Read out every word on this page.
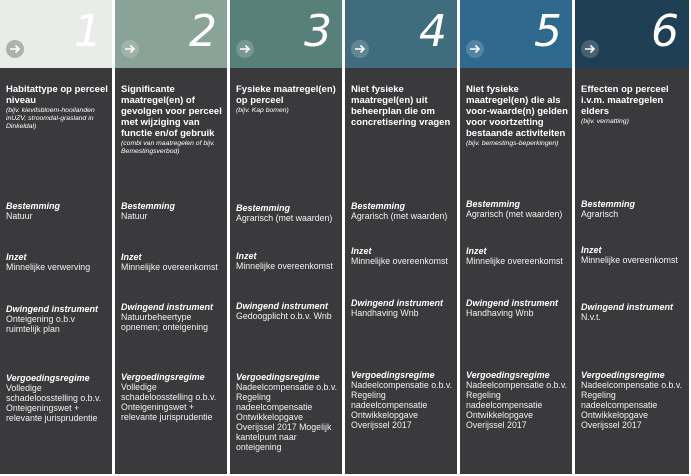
1
Habitattype op perceel niveau
(bijv. kievitsbloem-hooilanden inUZV, stroomdal-grasland in Dinkeldal)
Bestemming
Natuur
Inzet
Minnelijke verwerving
Dwingend instrument
Onteigening o.b.v ruimtelijk plan
Vergoedingsregime
Volledige schadeloosstelling o.b.v. Onteigeningswet + relevante jurisprudentie
2
Significante maatregel(en) of gevolgen voor perceel met wijziging van functie en/of gebruik
(combi van maatregelen of bijv. Bemestingsverbod)
Bestemming
Natuur
Inzet
Minnelijke overeenkomst
Dwingend instrument
Natuurbeheertype opnemen; onteigening
Vergoedingsregime
Volledige schadeloosstelling o.b.v. Onteigeningswet + relevante jurisprudentie
3
Fysieke maatregel(en) op perceel
(bijv. Kap bomen)
Bestemming
Agrarisch (met waarden)
Inzet
Minnelijke overeenkomst
Dwingend instrument
Gedoogplicht o.b.v. Wnb
Vergoedingsregime
Nadeelcompensatie o.b.v. Regeling nadeelcompensatie Ontwikkelopgave Overijssel 2017 Mogelijk kantelpunt naar onteigening
4
Niet fysieke maatregel(en) uit beheerplan die om concretisering vragen
Bestemming
Agrarisch (met waarden)
Inzet
Minnelijke overeenkomst
Dwingend instrument
Handhaving Wnb
Vergoedingsregime
Nadeelcompensatie o.b.v. Regeling nadeelcompensatie Ontwikkelopgave Overijssel 2017
5
Niet fysieke maatregel(en) die als voor-waarde(n) gelden voor voortzetting bestaande activiteiten
(bijv. bemestings-beperkingen)
Bestemming
Agrarisch (met waarden)
Inzet
Minnelijke overeenkomst
Dwingend instrument
Handhaving Wnb
Vergoedingsregime
Nadeelcompensatie o.b.v. Regeling nadeelcompensatie Ontwikkelopgave Overijssel 2017
6
Effecten op perceel i.v.m. maatregelen elders
(bijv. vernatting)
Bestemming
Agrarisch
Inzet
Minnelijke overeenkomst
Dwingend instrument
N.v.t.
Vergoedingsregime
Nadeelcompensatie o.b.v. Regeling nadeelcompensatie Ontwikkelopgave Overijssel 2017
